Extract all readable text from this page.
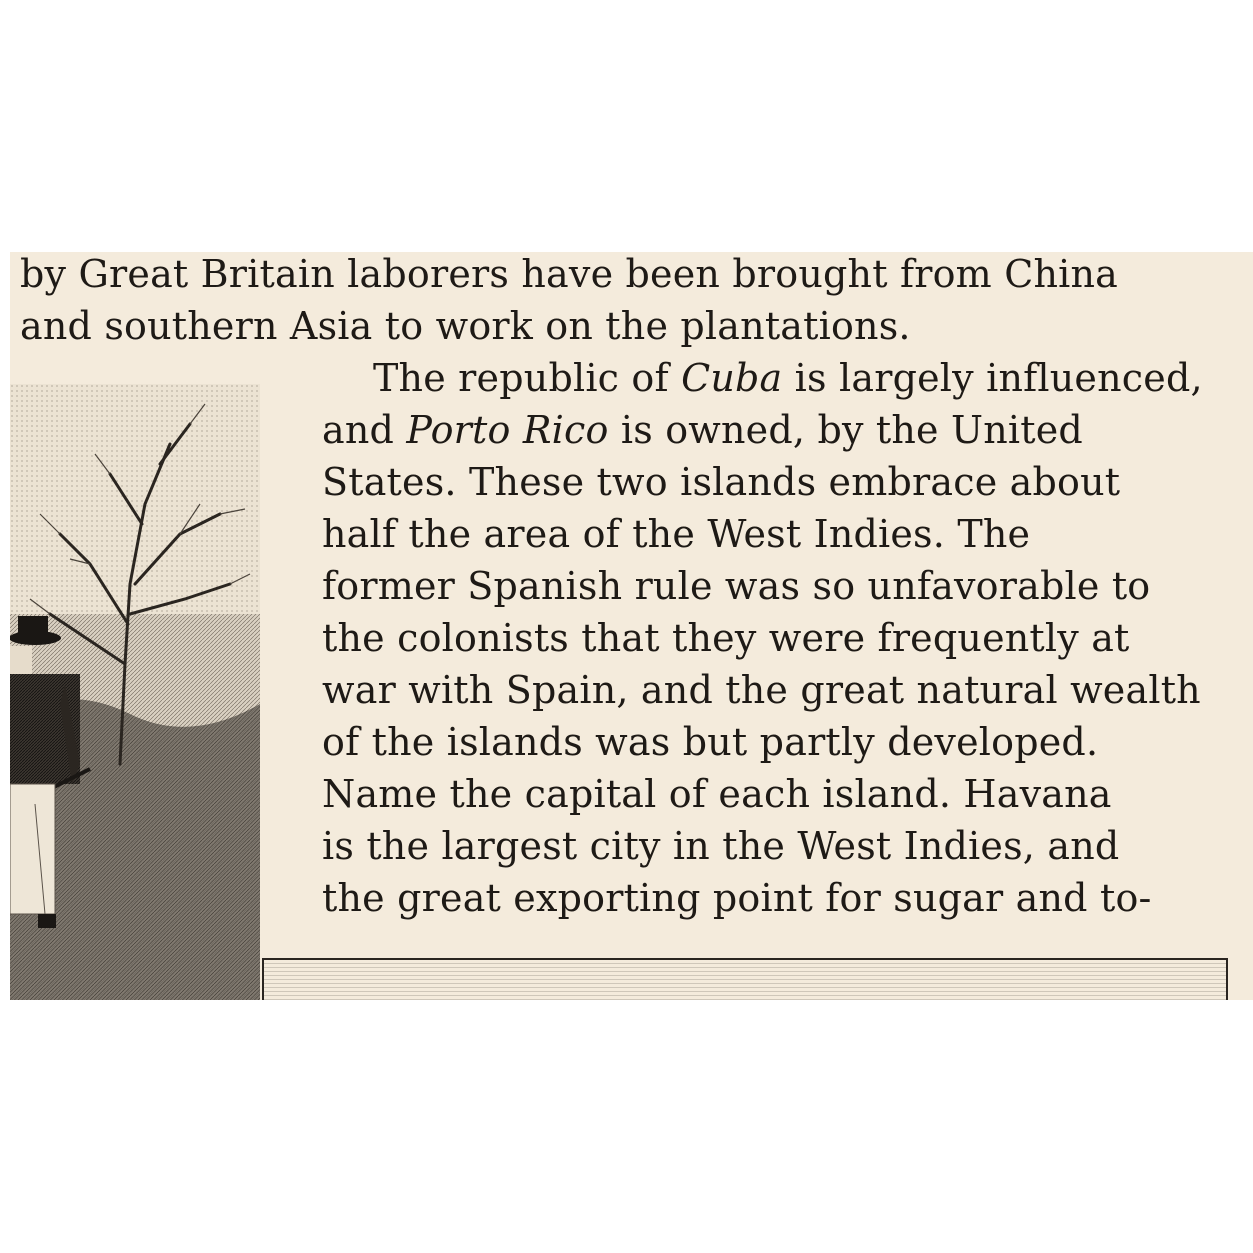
by Great Britain laborers have been brought from China
and southern Asia to work on the plantations.
The republic of Cuba is largely influenced,
and Porto Rico is owned, by the United
States. These two islands embrace about
half the area of the West Indies. The
former Spanish rule was so unfavorable to
the colonists that they were frequently at
war with Spain, and the great natural wealth
of the islands was but partly developed.
Name the capital of each island. Havana
is the largest city in the West Indies, and
the great exporting point for sugar and to-
